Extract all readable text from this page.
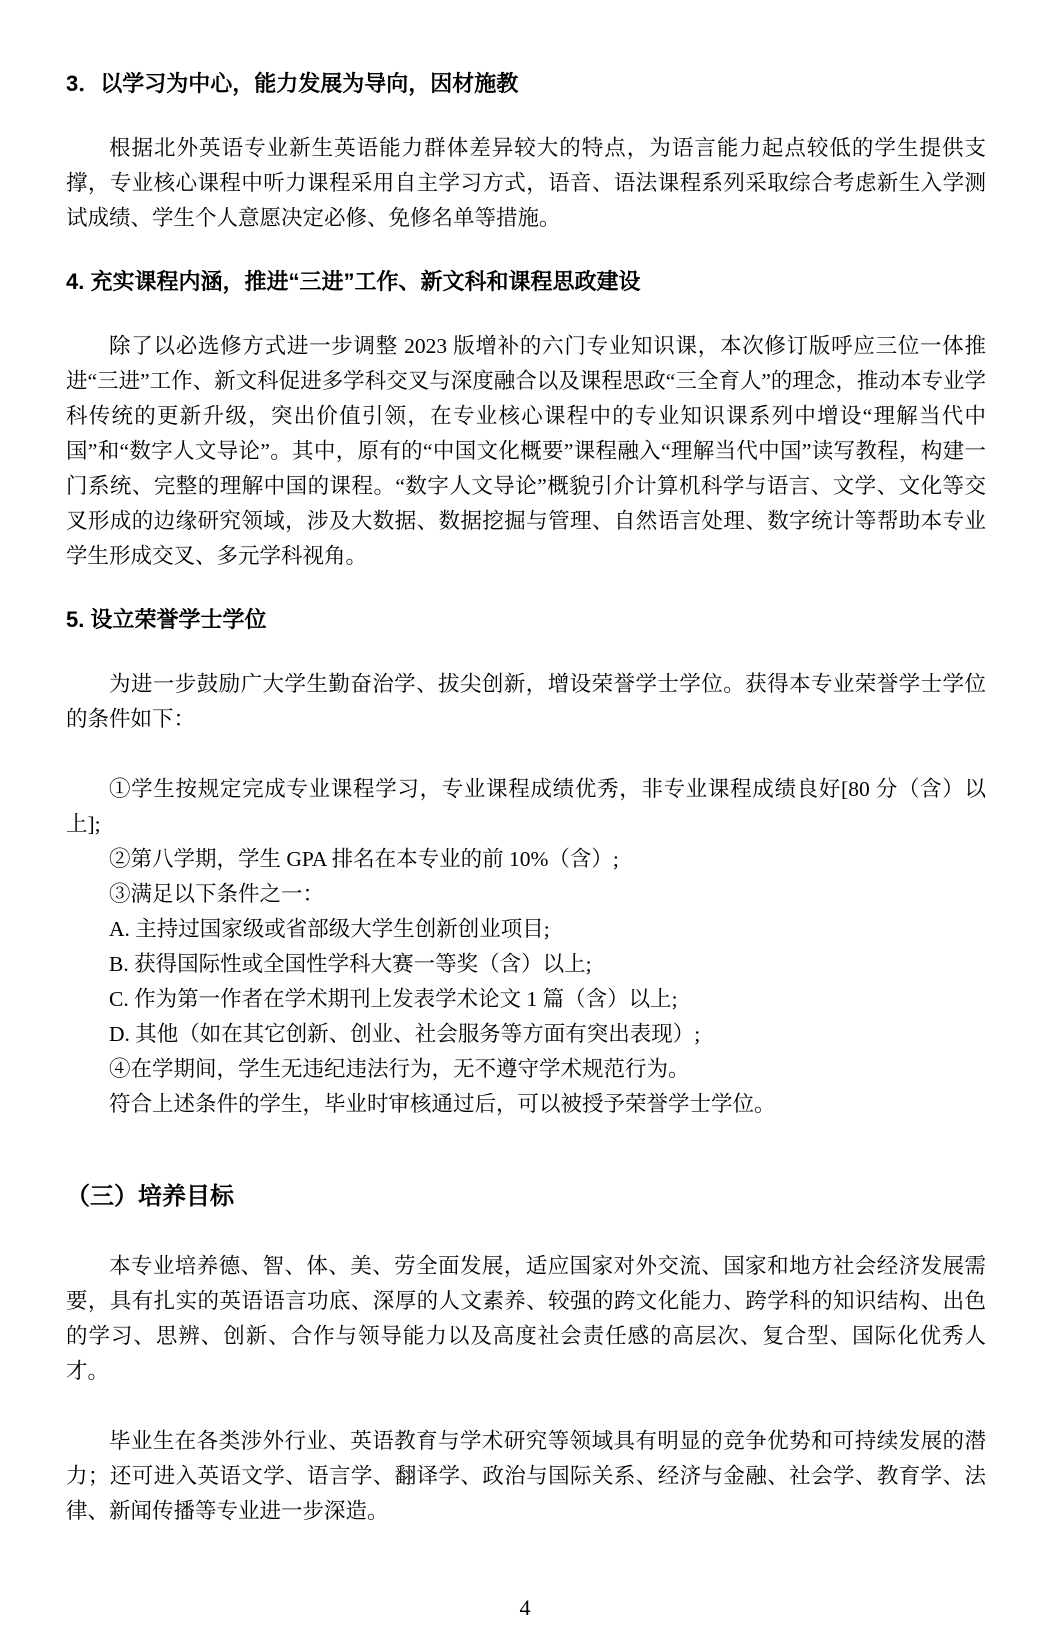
3．以学习为中心，能力发展为导向，因材施教

根据北外英语专业新生英语能力群体差异较大的特点，为语言能力起点较低的学生提供支撑，专业核心课程中听力课程采用自主学习方式，语音、语法课程系列采取综合考虑新生入学测试成绩、学生个人意愿决定必修、免修名单等措施。

4. 充实课程内涵，推进“三进”工作、新文科和课程思政建设

除了以必选修方式进一步调整 2023 版增补的六门专业知识课，本次修订版呼应三位一体推进“三进”工作、新文科促进多学科交叉与深度融合以及课程思政“三全育人”的理念，推动本专业学科传统的更新升级，突出价值引领，在专业核心课程中的专业知识课系列中增设“理解当代中国”和“数字人文导论”。其中，原有的“中国文化概要”课程融入“理解当代中国”读写教程，构建一门系统、完整的理解中国的课程。“数字人文导论”概貌引介计算机科学与语言、文学、文化等交叉形成的边缘研究领域，涉及大数据、数据挖掘与管理、自然语言处理、数字统计等帮助本专业学生形成交叉、多元学科视角。

5. 设立荣誉学士学位

为进一步鼓励广大学生勤奋治学、拔尖创新，增设荣誉学士学位。获得本专业荣誉学士学位的条件如下：

①学生按规定完成专业课程学习，专业课程成绩优秀，非专业课程成绩良好[80 分（含）以上];

②第八学期，学生 GPA 排名在本专业的前 10%（含）;

③满足以下条件之一：

A. 主持过国家级或省部级大学生创新创业项目;

B. 获得国际性或全国性学科大赛一等奖（含）以上;

C. 作为第一作者在学术期刊上发表学术论文 1 篇（含）以上;

D. 其他（如在其它创新、创业、社会服务等方面有突出表现）;

④在学期间，学生无违纪违法行为，无不遵守学术规范行为。

符合上述条件的学生，毕业时审核通过后，可以被授予荣誉学士学位。

（三）培养目标

本专业培养德、智、体、美、劳全面发展，适应国家对外交流、国家和地方社会经济发展需要，具有扎实的英语语言功底、深厚的人文素养、较强的跨文化能力、跨学科的知识结构、出色的学习、思辨、创新、合作与领导能力以及高度社会责任感的高层次、复合型、国际化优秀人才。

毕业生在各类涉外行业、英语教育与学术研究等领域具有明显的竞争优势和可持续发展的潜力；还可进入英语文学、语言学、翻译学、政治与国际关系、经济与金融、社会学、教育学、法律、新闻传播等专业进一步深造。

4
